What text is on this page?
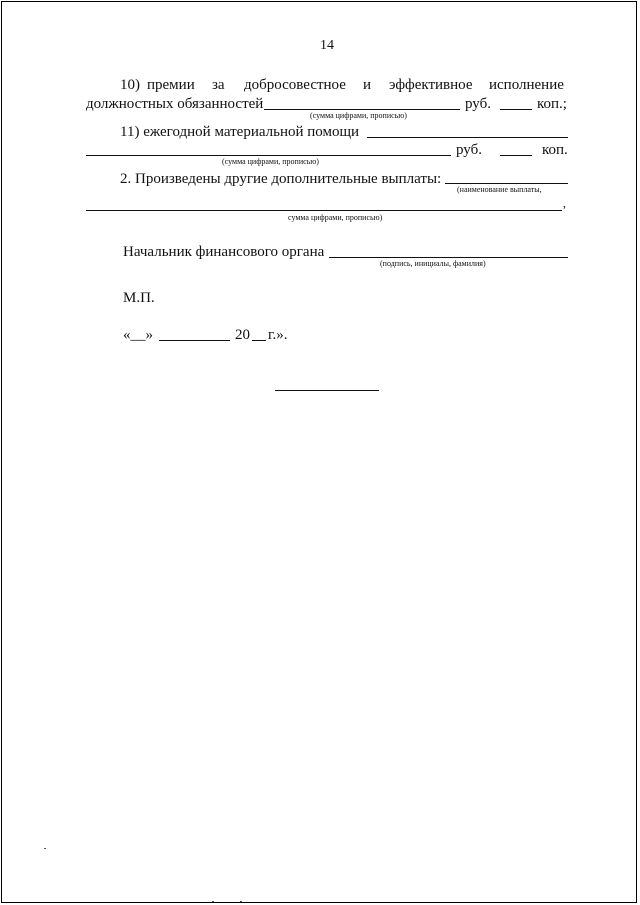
14
10) премии за добросовестное и эффективное исполнение
должностных обязанностей	руб.	коп.;
(сумма цифрами, прописью)
11) ежегодной материальной помощи
руб.	коп.
(сумма цифрами, прописью)
2. Произведены другие дополнительные выплаты:
(наименование выплаты,
,
сумма цифрами, прописью)
Начальник финансового органа
(подпись, инициалы, фамилия)
М.П.
«__»	20 г.».
